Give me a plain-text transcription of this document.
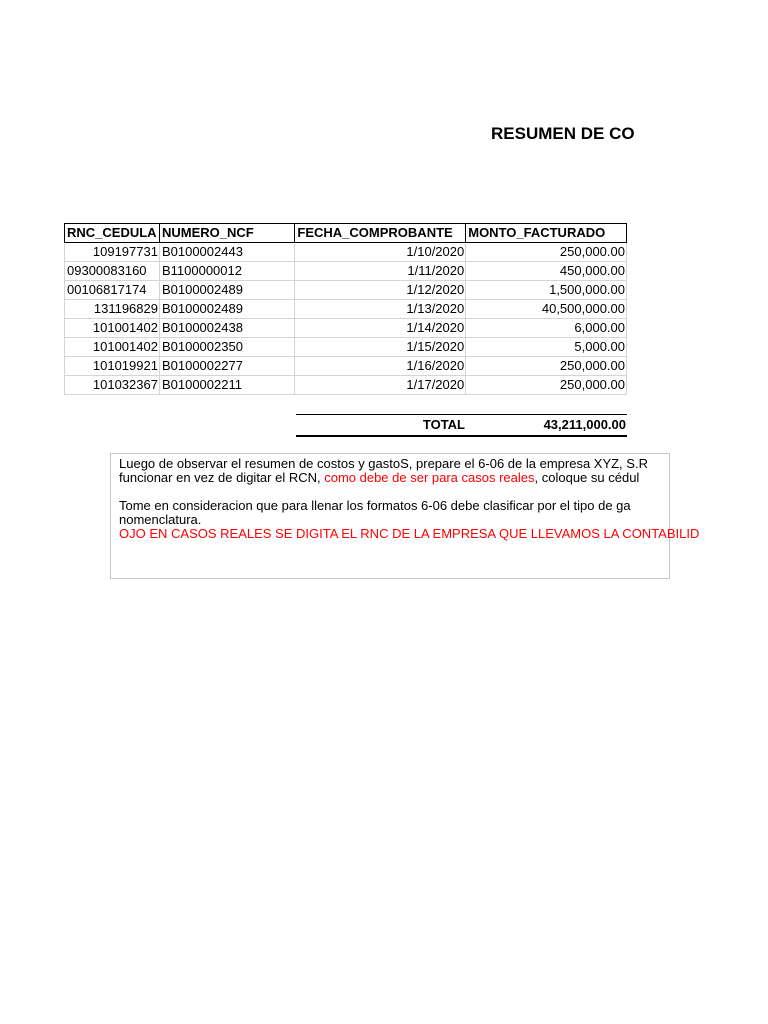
RESUMEN DE CO
RNC_CEDULA	NUMERO_NCF	FECHA_COMPROBANTE	MONTO_FACTURADO
109197731	B0100002443	1/10/2020	250,000.00
09300083160	B1100000012	1/11/2020	450,000.00
00106817174	B0100002489	1/12/2020	1,500,000.00
131196829	B0100002489	1/13/2020	40,500,000.00
101001402	B0100002438	1/14/2020	6,000.00
101001402	B0100002350	1/15/2020	5,000.00
101019921	B0100002277	1/16/2020	250,000.00
101032367	B0100002211	1/17/2020	250,000.00
TOTAL	43,211,000.00

Luego de observar el resumen de costos y gastoS, prepare el 6-06 de la empresa XYZ, S.R

funcionar en vez de digitar el RCN, como debe de ser para casos reales, coloque su cédul

Tome en consideracion que para llenar los formatos 6-06 debe clasificar por el tipo de ga

nomenclatura.

OJO EN CASOS REALES SE DIGITA EL RNC DE LA EMPRESA QUE LLEVAMOS LA CONTABILID
